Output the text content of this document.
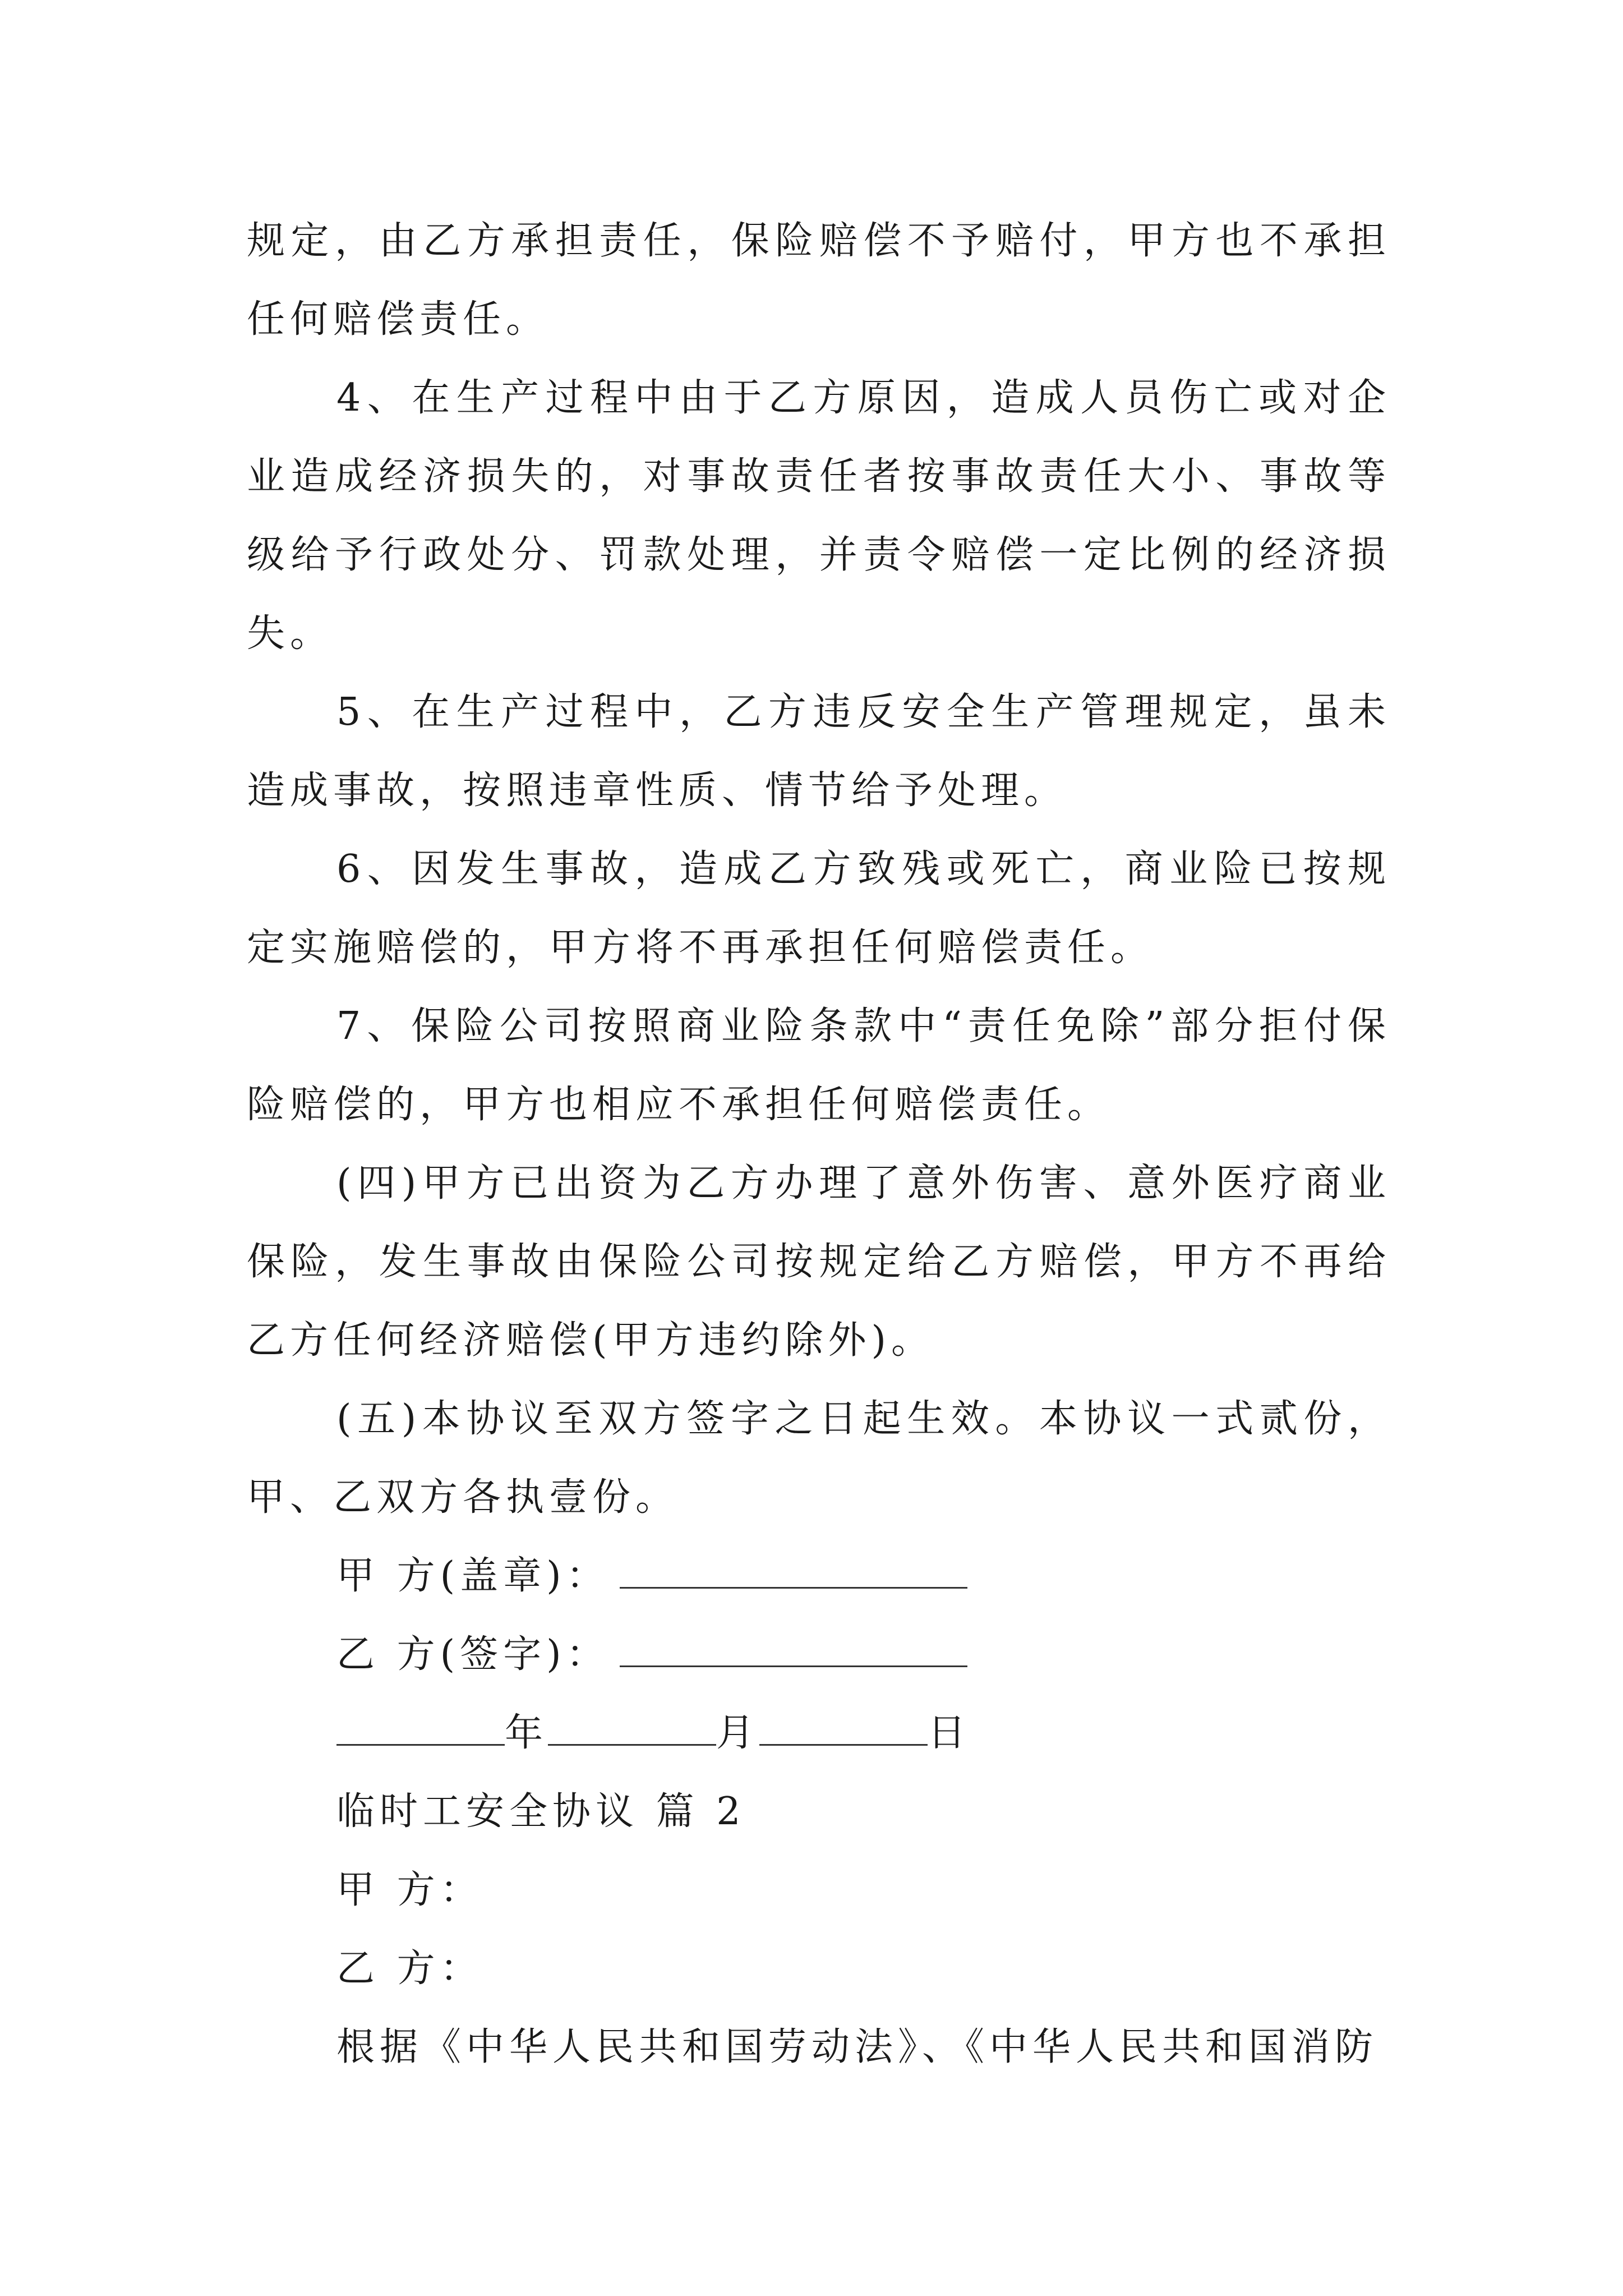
规定，由乙方承担责任，保险赔偿不予赔付，甲方也不承担任何赔偿责任。

4、在生产过程中由于乙方原因，造成人员伤亡或对企业造成经济损失的，对事故责任者按事故责任大小、事故等级给予行政处分、罚款处理，并责令赔偿一定比例的经济损失。

5、在生产过程中，乙方违反安全生产管理规定，虽未造成事故，按照违章性质、情节给予处理。

6、因发生事故，造成乙方致残或死亡，商业险已按规定实施赔偿的，甲方将不再承担任何赔偿责任。

7、保险公司按照商业险条款中“责任免除”部分拒付保险赔偿的，甲方也相应不承担任何赔偿责任。

(四)甲方已出资为乙方办理了意外伤害、意外医疗商业保险，发生事故由保险公司按规定给乙方赔偿，甲方不再给乙方任何经济赔偿(甲方违约除外)。

(五)本协议至双方签字之日起生效。本协议一式贰份，甲、乙双方各执壹份。

甲 方(盖章)：
乙 方(签字)：
年	月	日
临时工安全协议 篇 2
甲 方：
乙 方：
根据《中华人民共和国劳动法》、《中华人民共和国消防
